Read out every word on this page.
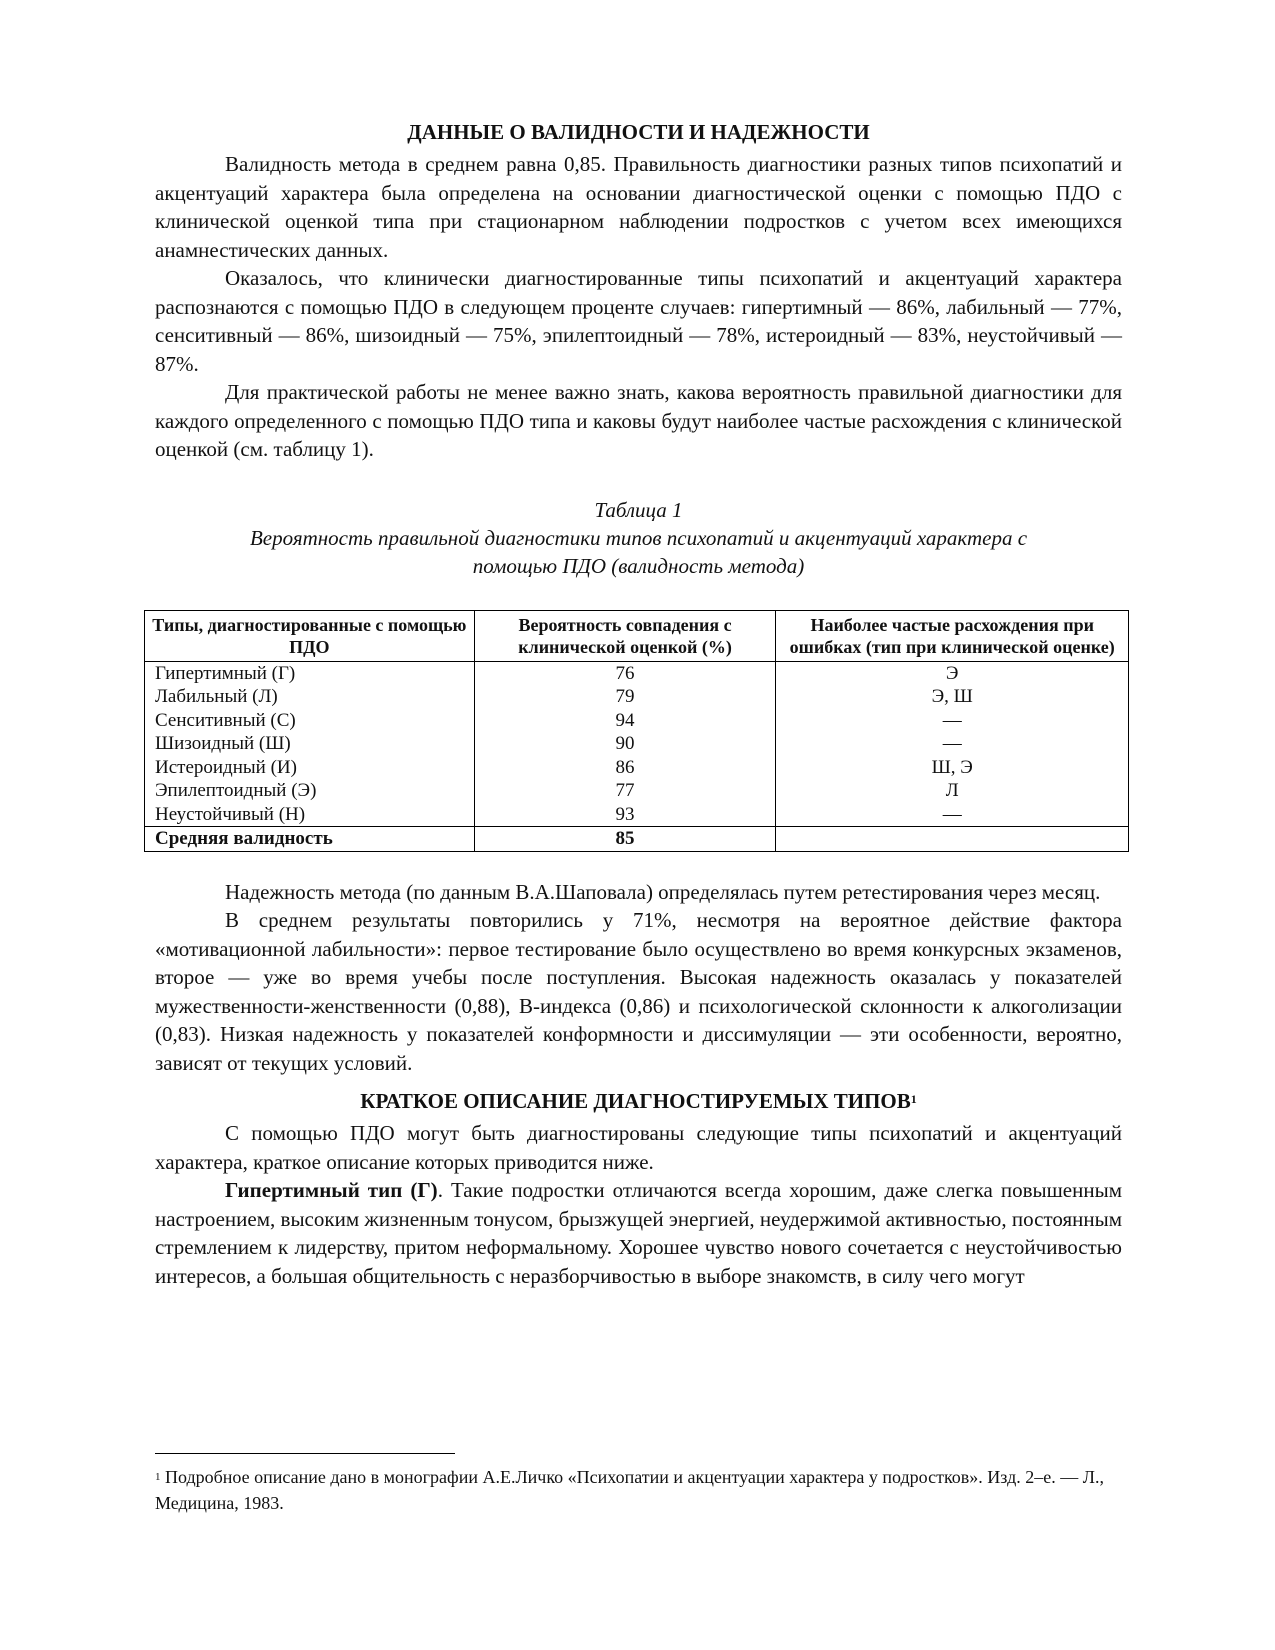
ДАННЫЕ О ВАЛИДНОСТИ И НАДЕЖНОСТИ

Валидность метода в среднем равна 0,85. Правильность диагностики разных типов психопатий и акцентуаций характера была определена на основании диагностической оценки с помощью ПДО с клинической оценкой типа при стационарном наблюдении подростков с учетом всех имеющихся анамнестических данных.

Оказалось, что клинически диагностированные типы психопатий и акцентуаций характера распознаются с помощью ПДО в следующем проценте случаев: гипертимный — 86%, лабильный — 77%, сенситивный — 86%, шизоидный — 75%, эпилептоидный — 78%, истероидный — 83%, неустойчивый — 87%.

Для практической работы не менее важно знать, какова вероятность правильной диагностики для каждого определенного с помощью ПДО типа и каковы будут наиболее частые расхождения с клинической оценкой (см. таблицу 1).

Таблица 1
Вероятность правильной диагностики типов психопатий и акцентуаций характера с помощью ПДО (валидность метода)
Типы, диагностированные с помощью ПДО	Вероятность совпадения с клинической оценкой (%)	Наиболее частые расхождения при ошибках (тип при клинической оценке)
Гипертимный (Г)	76	Э
Лабильный (Л)	79	Э, Ш
Сенситивный (С)	94	—
Шизоидный (Ш)	90	—
Истероидный (И)	86	Ш, Э
Эпилептоидный (Э)	77	Л
Неустойчивый (Н)	93	—
Средняя валидность	85	

Надежность метода (по данным В.А.Шаповала) определялась путем ретестирования через месяц.

В среднем результаты повторились у 71%, несмотря на вероятное действие фактора «мотивационной лабильности»: первое тестирование было осуществлено во время конкурсных экзаменов, второе — уже во время учебы после поступления. Высокая надежность оказалась у показателей мужественности-женственности (0,88), В-индекса (0,86) и психологической склонности к алкоголизации (0,83). Низкая надежность у показателей конформности и диссимуляции — эти особенности, вероятно, зависят от текущих условий.

КРАТКОЕ ОПИСАНИЕ ДИАГНОСТИРУЕМЫХ ТИПОВ$^1$

С помощью ПДО могут быть диагностированы следующие типы психопатий и акцентуаций характера, краткое описание которых приводится ниже.

Гипертимный тип (Г). Такие подростки отличаются всегда хорошим, даже слегка повышенным настроением, высоким жизненным тонусом, брызжущей энергией, неудержимой активностью, постоянным стремлением к лидерству, притом неформальному. Хорошее чувство нового сочетается с неустойчивостью интересов, а большая общительность с неразборчивостью в выборе знакомств, в силу чего могут

$^1$ Подробное описание дано в монографии А.Е.Личко «Психопатии и акцентуации характера у подростков». Изд. 2–е. — Л., Медицина, 1983.
